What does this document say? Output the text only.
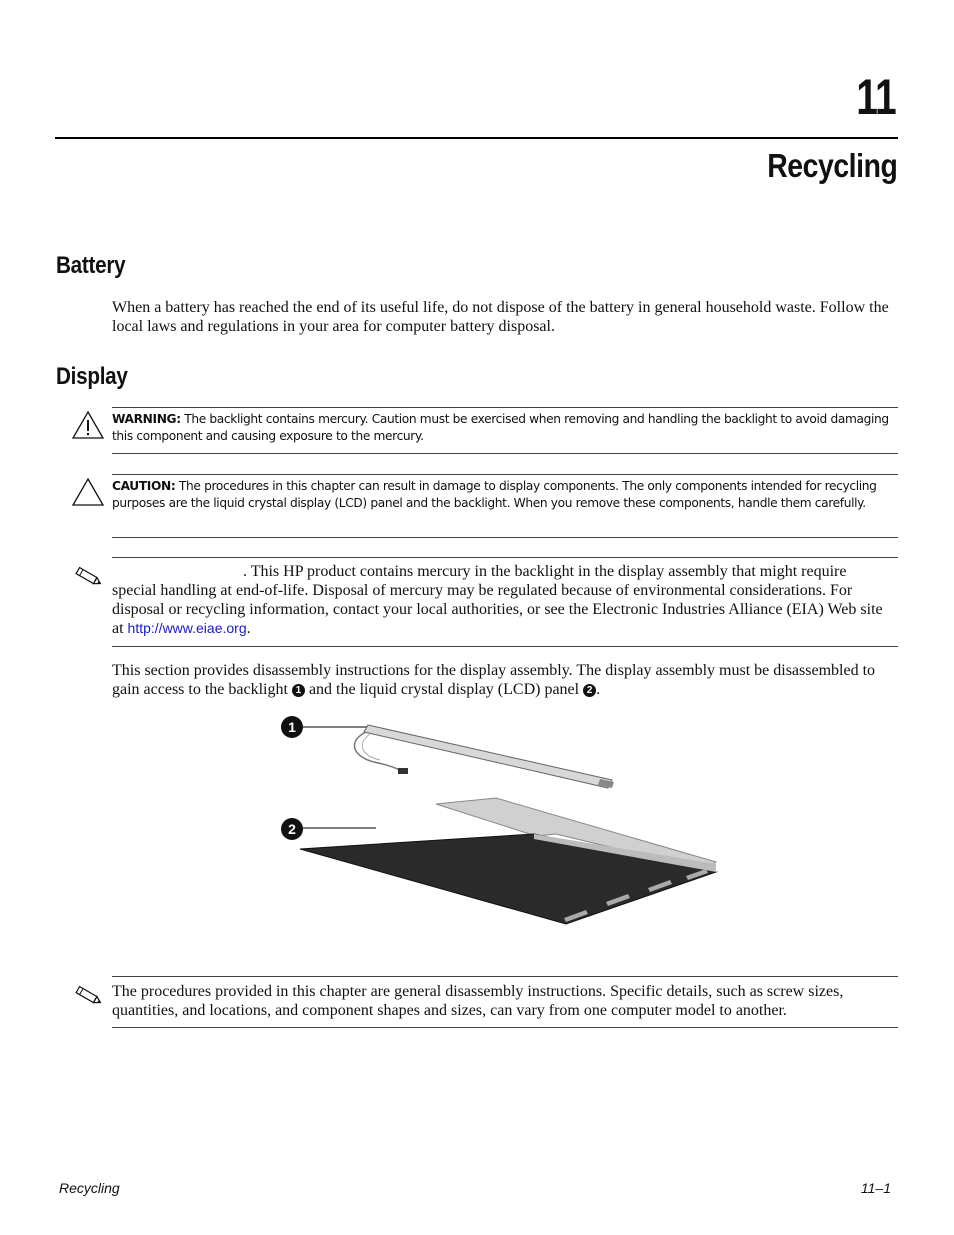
11
Recycling
Battery
When a battery has reached the end of its useful life, do not dispose of the battery in general household waste. Follow the local laws and regulations in your area for computer battery disposal.
Display
WARNING: The backlight contains mercury. Caution must be exercised when removing and handling the backlight to avoid damaging this component and causing exposure to the mercury.
CAUTION: The procedures in this chapter can result in damage to display components. The only components intended for recycling purposes are the liquid crystal display (LCD) panel and the backlight. When you remove these components, handle them carefully.
. This HP product contains mercury in the backlight in the display assembly that might require special handling at end-of-life. Disposal of mercury may be regulated because of environmental considerations. For disposal or recycling information, contact your local authorities, or see the Electronic Industries Alliance (EIA) Web site at http://www.eiae.org.
This section provides disassembly instructions for the display assembly. The display assembly must be disassembled to gain access to the backlight 1 and the liquid crystal display (LCD) panel 2 .
1
2
The procedures provided in this chapter are general disassembly instructions. Specific details, such as screw sizes, quantities, and locations, and component shapes and sizes, can vary from one computer model to another.
Recycling	11–1
